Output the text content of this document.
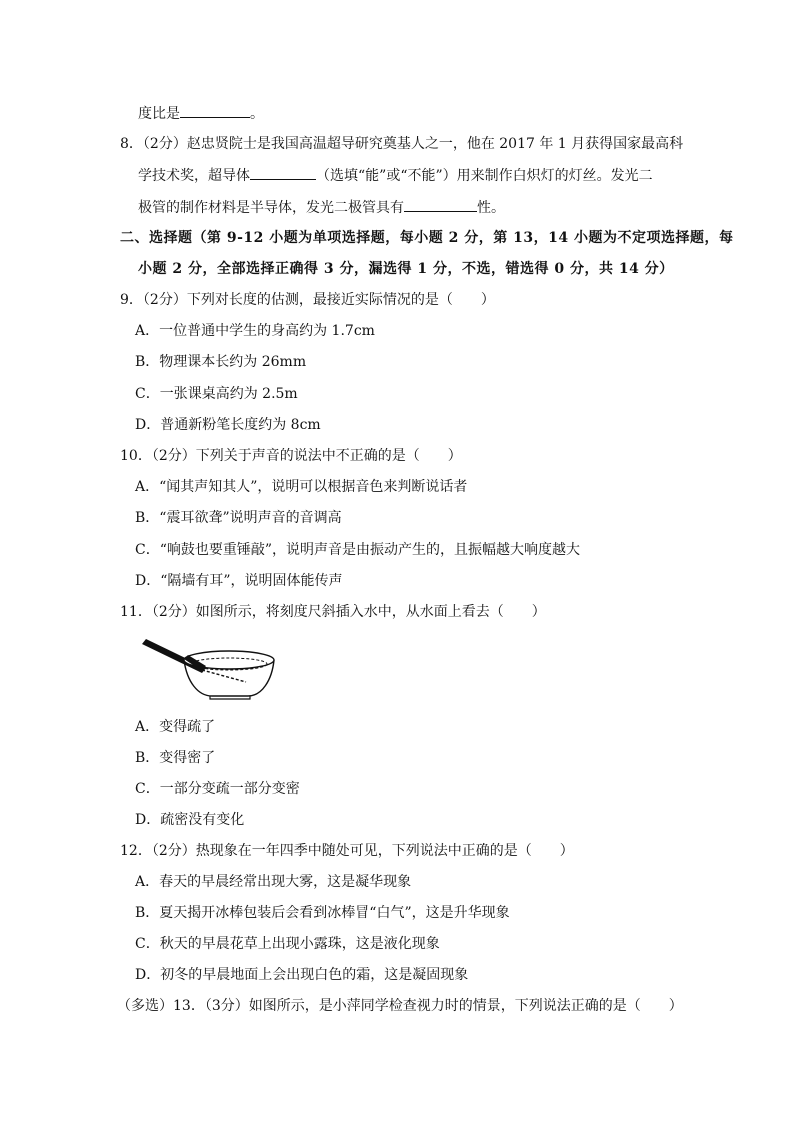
度比是	。
8．（2分）赵忠贤院士是我国高温超导研究奠基人之一，他在 2017 年 1 月获得国家最高科
学技术奖，超导体	（选填“能”或“不能”）用来制作白炽灯的灯丝。发光二
极管的制作材料是半导体，发光二极管具有	性。
二、选择题（第 9-12 小题为单项选择题，每小题 2 分，第 13，14 小题为不定项选择题，每
小题 2 分，全部选择正确得 3 分，漏选得 1 分，不选，错选得 0 分，共 14 分）
9．（2分）下列对长度的估测，最接近实际情况的是（　　）
A．一位普通中学生的身高约为 1.7cm
B．物理课本长约为 26mm
C．一张课桌高约为 2.5m
D．普通新粉笔长度约为 8cm
10．（2分）下列关于声音的说法中不正确的是（　　）
A．“闻其声知其人”，说明可以根据音色来判断说话者
B．“震耳欲聋”说明声音的音调高
C．“响鼓也要重锤敲”，说明声音是由振动产生的，且振幅越大响度越大
D．“隔墙有耳”，说明固体能传声
11．（2分）如图所示，将刻度尺斜插入水中，从水面上看去（　　）
A．变得疏了
B．变得密了
C．一部分变疏一部分变密
D．疏密没有变化
12．（2分）热现象在一年四季中随处可见，下列说法中正确的是（　　）
A．春天的早晨经常出现大雾，这是凝华现象
B．夏天揭开冰棒包装后会看到冰棒冒“白气”，这是升华现象
C．秋天的早晨花草上出现小露珠，这是液化现象
D．初冬的早晨地面上会出现白色的霜，这是凝固现象
（多选）13．（3分）如图所示，是小萍同学检查视力时的情景，下列说法正确的是（　　）
